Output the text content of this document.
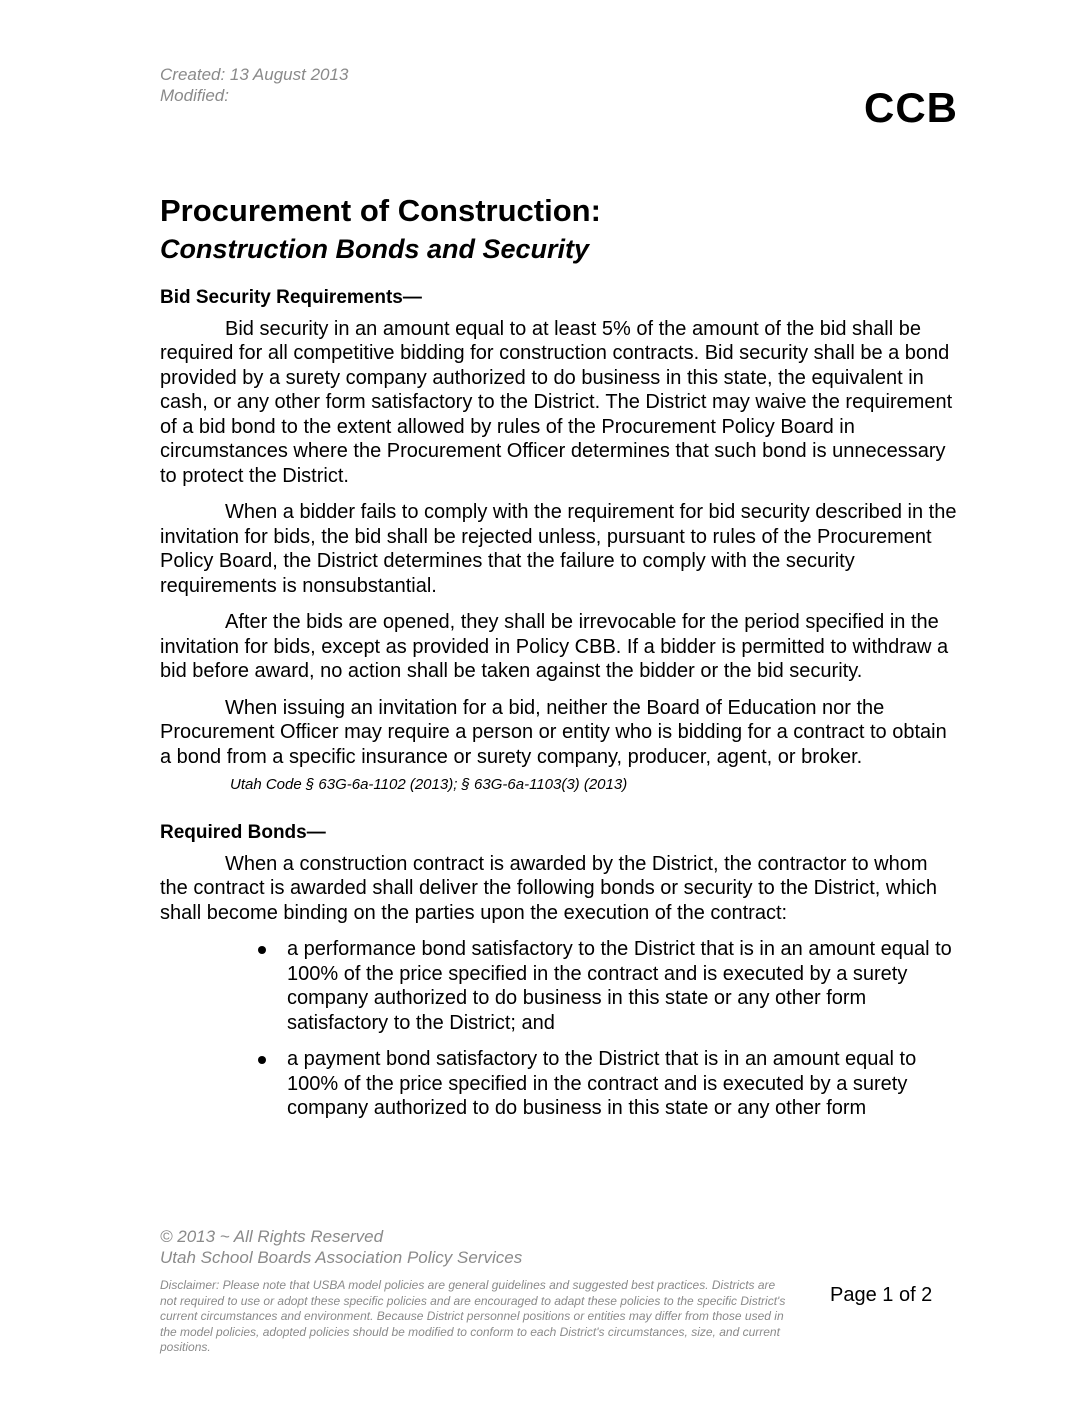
Created: 13 August 2013
Modified:	CCB
Procurement of Construction:
Construction Bonds and Security
Bid Security Requirements—

Bid security in an amount equal to at least 5% of the amount of the bid shall be required for all competitive bidding for construction contracts. Bid security shall be a bond provided by a surety company authorized to do business in this state, the equivalent in cash, or any other form satisfactory to the District. The District may waive the requirement of a bid bond to the extent allowed by rules of the Procurement Policy Board in circumstances where the Procurement Officer determines that such bond is unnecessary to protect the District.

When a bidder fails to comply with the requirement for bid security described in the invitation for bids, the bid shall be rejected unless, pursuant to rules of the Procurement Policy Board, the District determines that the failure to comply with the security requirements is nonsubstantial.

After the bids are opened, they shall be irrevocable for the period specified in the invitation for bids, except as provided in Policy CBB. If a bidder is permitted to withdraw a bid before award, no action shall be taken against the bidder or the bid security.

When issuing an invitation for a bid, neither the Board of Education nor the Procurement Officer may require a person or entity who is bidding for a contract to obtain a bond from a specific insurance or surety company, producer, agent, or broker.

Utah Code § 63G-6a-1102 (2013); § 63G-6a-1103(3) (2013)
Required Bonds—

When a construction contract is awarded by the District, the contractor to whom the contract is awarded shall deliver the following bonds or security to the District, which shall become binding on the parties upon the execution of the contract:

a performance bond satisfactory to the District that is in an amount equal to 100% of the price specified in the contract and is executed by a surety company authorized to do business in this state or any other form satisfactory to the District; and
a payment bond satisfactory to the District that is in an amount equal to 100% of the price specified in the contract and is executed by a surety company authorized to do business in this state or any other form
© 2013 ~ All Rights Reserved
Utah School Boards Association Policy Services
Disclaimer: Please note that USBA model policies are general guidelines and suggested best practices. Districts are not required to use or adopt these specific policies and are encouraged to adapt these policies to the specific District's current circumstances and environment. Because District personnel positions or entities may differ from those used in the model policies, adopted policies should be modified to conform to each District's circumstances, size, and current positions.
Page 1 of 2
